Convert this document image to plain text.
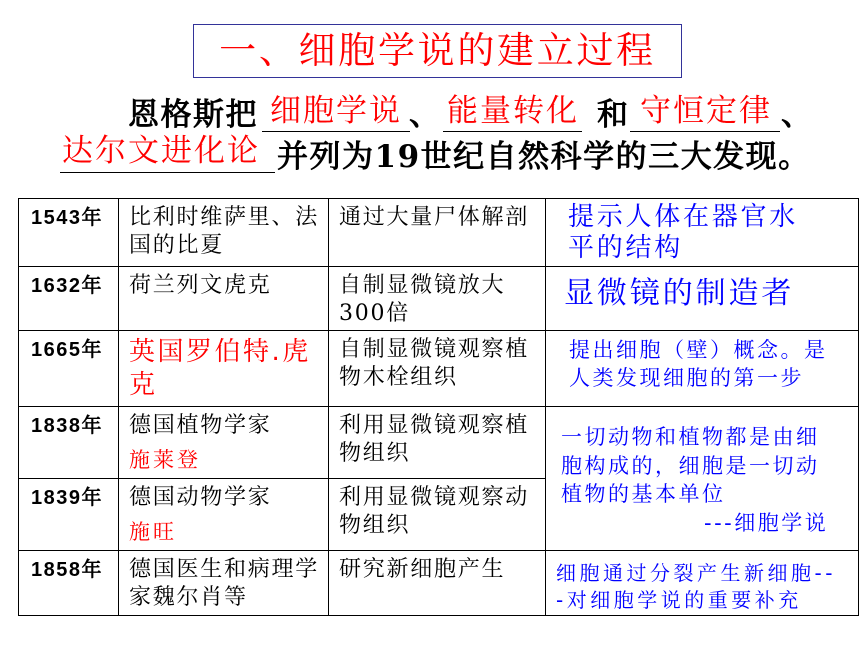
一、细胞学说的建立过程
恩格斯把 细胞学说 、 能量转化 和 守恒定律 、
达尔文进化论 并列为19世纪自然科学的三大发现。
1543年	比利时维萨里、法
国的比夏	通过大量尸体解剖	提示人体在器官水
平的结构

1632年	荷兰列文虎克	自制显微镜放大
300倍	显微镜的制造者

1665年	英国罗伯特.虎
克	自制显微镜观察植
物木栓组织	提出细胞（壁）概念。是
人类发现细胞的第一步

1838年	德国植物学家
施莱登	利用显微镜观察植
物组织	一切动物和植物都是由细
胞构成的，细胞是一切动
植物的基本单位
---细胞学说

1839年	德国动物学家
施旺	利用显微镜观察动
物组织	

1858年	德国医生和病理学
家魏尔肖等	研究新细胞产生	细胞通过分裂产生新细胞--
-对细胞学说的重要补充
